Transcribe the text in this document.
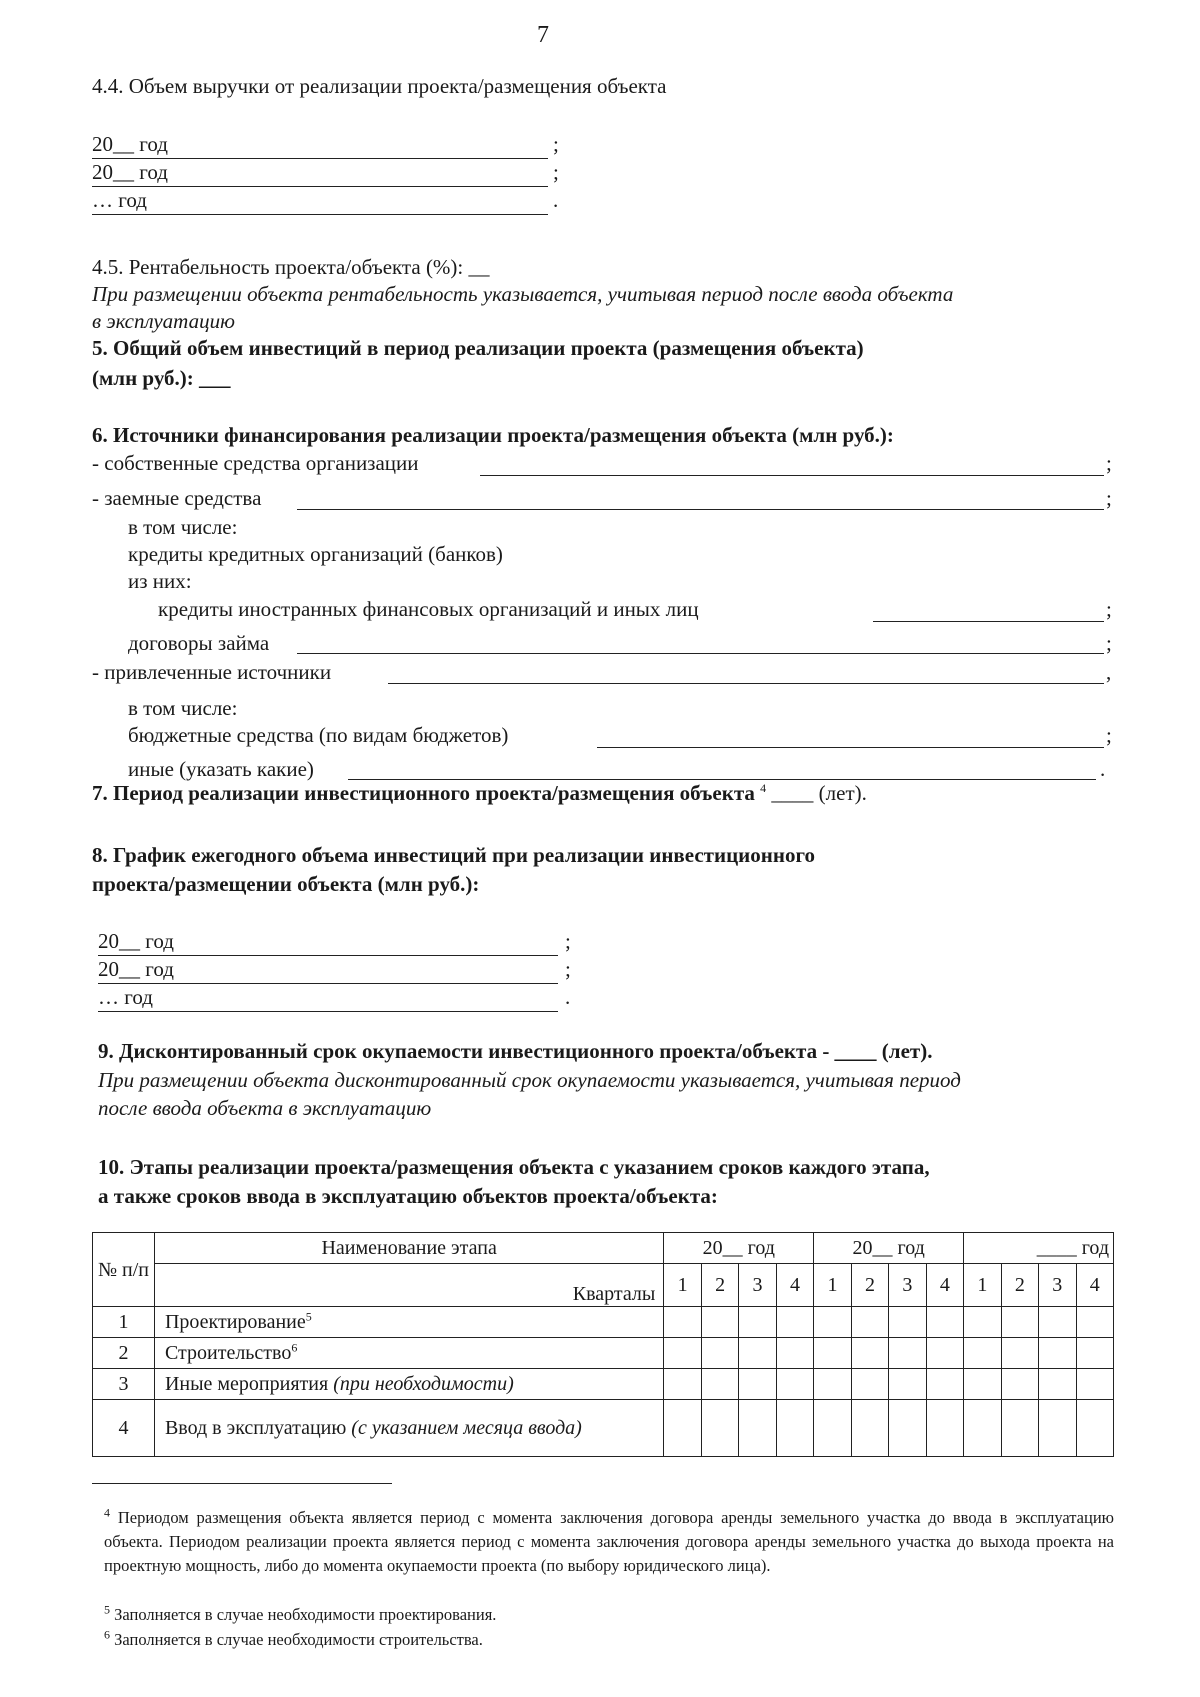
7
4.4. Объем выручки от реализации проекта/размещения объекта
20__ год	;
20__ год	;
… год	.
4.5. Рентабельность проекта/объекта (%): __
При размещении объекта рентабельность указывается, учитывая период после ввода объекта
в эксплуатацию
5. Общий объем инвестиций в период реализации проекта (размещения объекта)
(млн руб.): ___
6. Источники финансирования реализации проекта/размещения объекта (млн руб.):
- собственные средства организации	;
- заемные средства	;
в том числе:
кредиты кредитных организаций (банков)
из них:
кредиты иностранных финансовых организаций и иных лиц	;
договоры займа	;
- привлеченные источники	,
в том числе:
бюджетные средства (по видам бюджетов)	;
иные (указать какие)	.
7. Период реализации инвестиционного проекта/размещения объекта $^4$ ____ (лет).
8. График ежегодного объема инвестиций при реализации инвестиционного
проекта/размещении объекта (млн руб.):
20__ год	;
20__ год	;
… год	.
9. Дисконтированный срок окупаемости инвестиционного проекта/объекта - ____ (лет).
При размещении объекта дисконтированный срок окупаемости указывается, учитывая период
после ввода объекта в эксплуатацию
10. Этапы реализации проекта/размещения объекта с указанием сроков каждого этапа,
а также сроков ввода в эксплуатацию объектов проекта/объекта:
№ п/п	Наименование этапа	20__ год				20__ год				____ год			
	Кварталы	1	2	3	4	1	2	3	4	1	2	3	4
1	Проектирование$^5$												
2	Строительство$^6$												
3	Иные мероприятия (при необходимости)												
4	Ввод в эксплуатацию (с указанием месяца ввода)												
$^4$ Периодом размещения объекта является период с момента заключения договора аренды земельного участка до ввода в эксплуатацию объекта. Периодом реализации проекта является период с момента заключения договора аренды земельного участка до выхода проекта на проектную мощность, либо до момента окупаемости проекта (по выбору юридического лица).
$^5$ Заполняется в случае необходимости проектирования.
$^6$ Заполняется в случае необходимости строительства.
